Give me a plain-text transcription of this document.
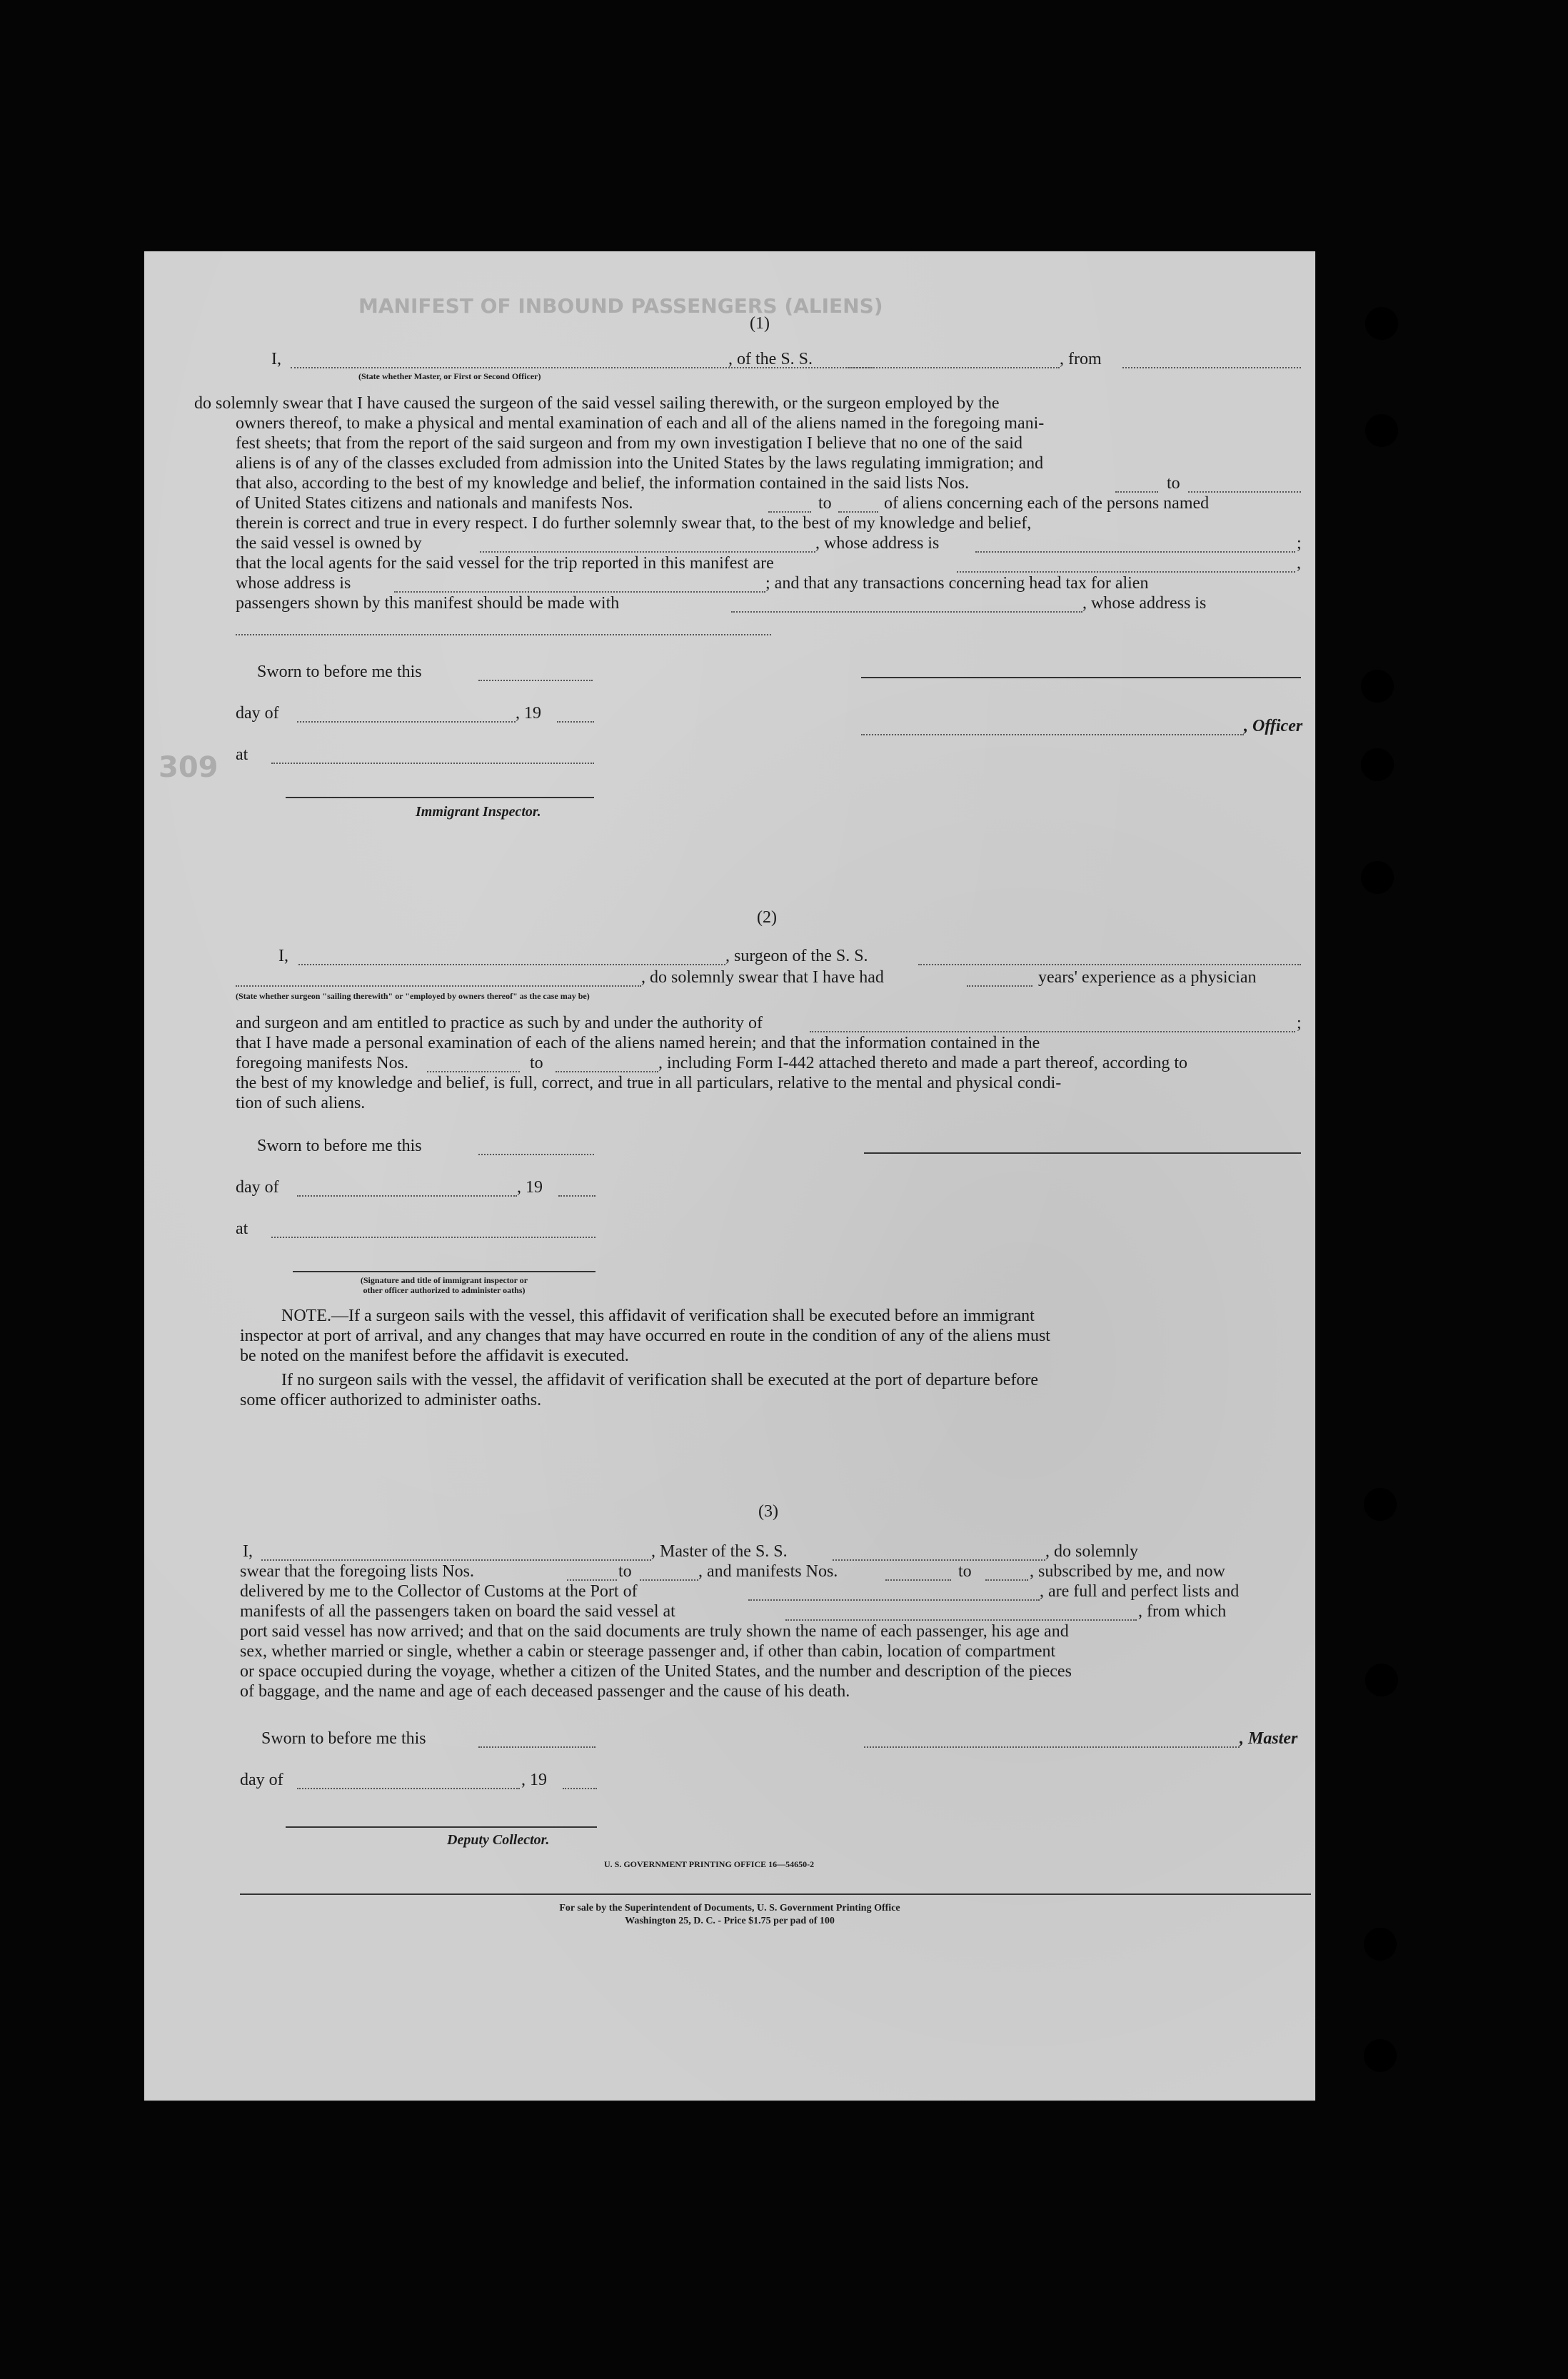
MANIFEST OF INBOUND PASSENGERS (ALIENS)
309
(1)
I,
(State whether Master, or First or Second Officer)
, of the S. S.	, from
do solemnly swear that I have caused the surgeon of the said vessel sailing therewith, or the surgeon employed by the
owners thereof, to make a physical and mental examination of each and all of the aliens named in the foregoing mani-
fest sheets; that from the report of the said surgeon and from my own investigation I believe that no one of the said
aliens is of any of the classes excluded from admission into the United States by the laws regulating immigration; and
that also, according to the best of my knowledge and belief, the information contained in the said lists Nos.	to
of United States citizens and nationals and manifests Nos.	to	of aliens concerning each of the persons named
therein is correct and true in every respect. I do further solemnly swear that, to the best of my knowledge and belief,
the said vessel is owned by	, whose address is	;
that the local agents for the said vessel for the trip reported in this manifest are	,
whose address is	; and that any transactions concerning head tax for alien
passengers shown by this manifest should be made with	, whose address is
Sworn to before me this
day of	, 19
, Officer
at
Immigrant Inspector.
(2)
I,	, surgeon of the S. S.
, do solemnly swear that I have had	years' experience as a physician
(State whether surgeon "sailing therewith" or "employed by owners thereof" as the case may be)
and surgeon and am entitled to practice as such by and under the authority of	;
that I have made a personal examination of each of the aliens named herein; and that the information contained in the
foregoing manifests Nos.	to	, including Form I-442 attached thereto and made a part thereof, according to
the best of my knowledge and belief, is full, correct, and true in all particulars, relative to the mental and physical condi-
tion of such aliens.
Sworn to before me this
day of	, 19
at
(Signature and title of immigrant inspector or
other officer authorized to administer oaths)
NOTE.—If a surgeon sails with the vessel, this affidavit of verification shall be executed before an immigrant
inspector at port of arrival, and any changes that may have occurred en route in the condition of any of the aliens must
be noted on the manifest before the affidavit is executed.
If no surgeon sails with the vessel, the affidavit of verification shall be executed at the port of departure before
some officer authorized to administer oaths.
(3)
I,	, Master of the S. S.	, do solemnly
swear that the foregoing lists Nos.	to	, and manifests Nos.	to	, subscribed by me, and now
delivered by me to the Collector of Customs at the Port of	, are full and perfect lists and
manifests of all the passengers taken on board the said vessel at	, from which
port said vessel has now arrived; and that on the said documents are truly shown the name of each passenger, his age and
sex, whether married or single, whether a cabin or steerage passenger and, if other than cabin, location of compartment
or space occupied during the voyage, whether a citizen of the United States, and the number and description of the pieces
of baggage, and the name and age of each deceased passenger and the cause of his death.
Sworn to before me this	, Master
day of	, 19
Deputy Collector.
U. S. GOVERNMENT PRINTING OFFICE 16—54650-2
For sale by the Superintendent of Documents, U. S. Government Printing Office
Washington 25, D. C. - Price $1.75 per pad of 100
